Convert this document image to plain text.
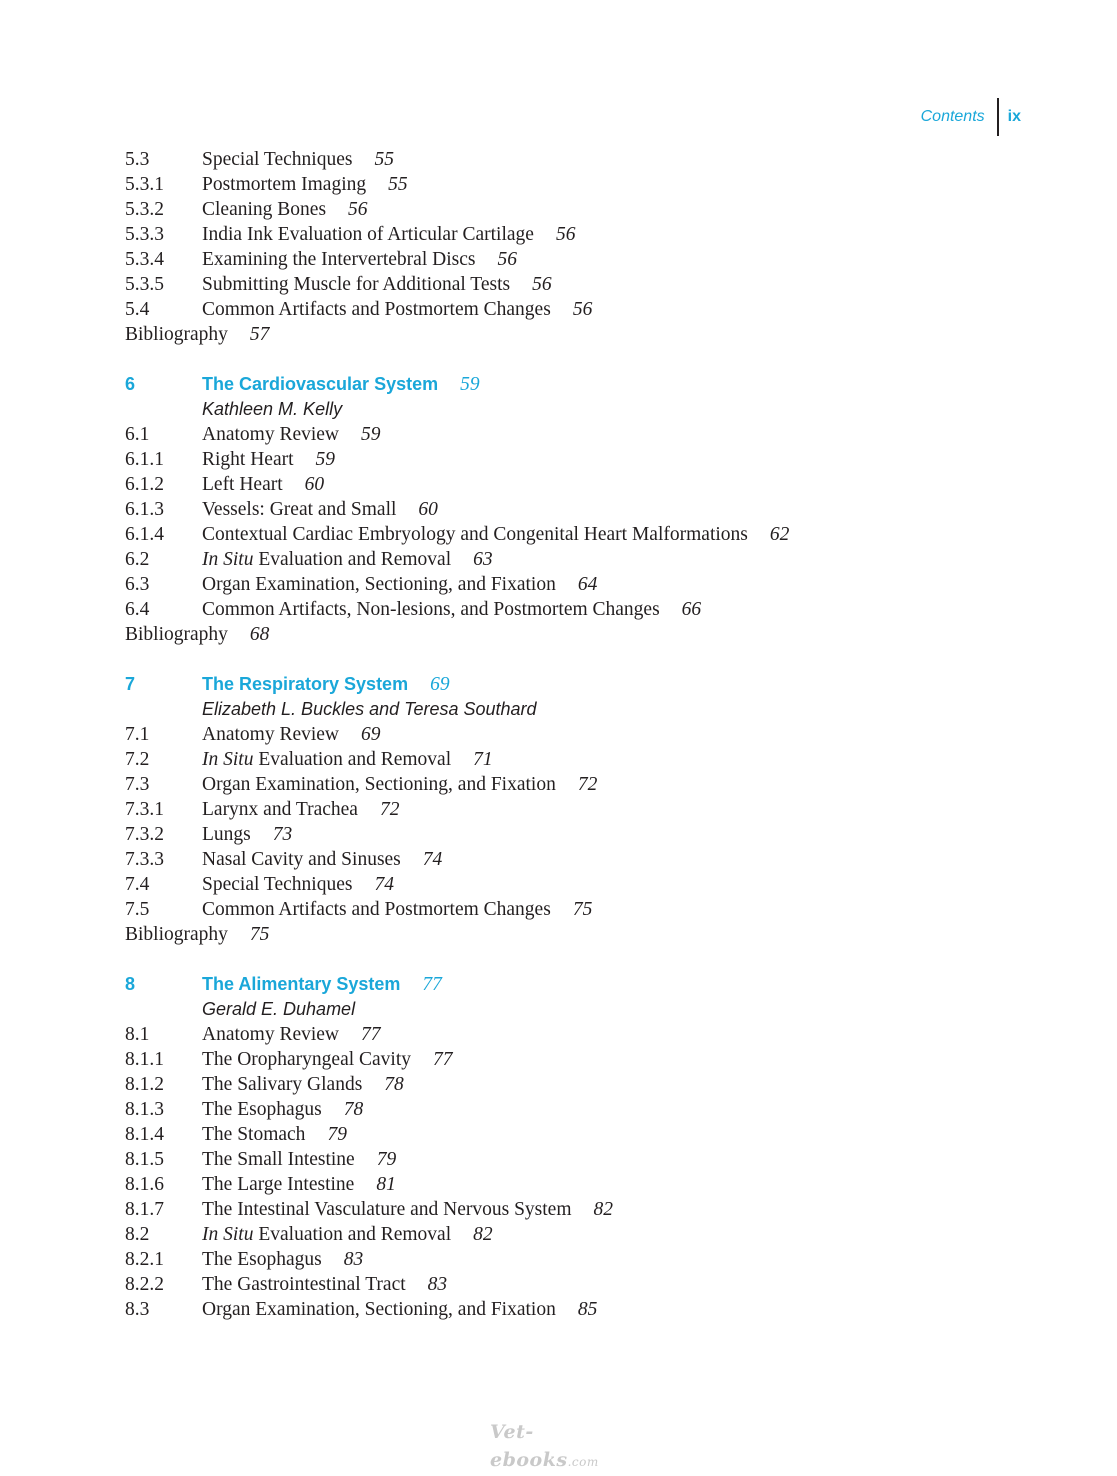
Contents ix
5.3	Special Techniques 55
5.3.1 Postmortem Imaging 55
5.3.2 Cleaning Bones 56
5.3.3 India Ink Evaluation of Articular Cartilage 56
5.3.4 Examining the Intervertebral Discs 56
5.3.5 Submitting Muscle for Additional Tests 56
5.4	Common Artifacts and Postmortem Changes 56
Bibliography 57
6	The Cardiovascular System 59
Kathleen M. Kelly
6.1	Anatomy Review 59
6.1.1 Right Heart 59
6.1.2 Left Heart 60
6.1.3 Vessels: Great and Small 60
6.1.4 Contextual Cardiac Embryology and Congenital Heart Malformations 62
6.2	In Situ Evaluation and Removal 63
6.3	Organ Examination, Sectioning, and Fixation 64
6.4	Common Artifacts, Non-lesions, and Postmortem Changes 66
Bibliography 68
7	The Respiratory System 69
Elizabeth L. Buckles and Teresa Southard
7.1	Anatomy Review 69
7.2	In Situ Evaluation and Removal 71
7.3	Organ Examination, Sectioning, and Fixation 72
7.3.1 Larynx and Trachea 72
7.3.2 Lungs 73
7.3.3 Nasal Cavity and Sinuses 74
7.4	Special Techniques 74
7.5	Common Artifacts and Postmortem Changes 75
Bibliography 75
8	The Alimentary System 77
Gerald E. Duhamel
8.1	Anatomy Review 77
8.1.1 The Oropharyngeal Cavity 77
8.1.2 The Salivary Glands 78
8.1.3 The Esophagus 78
8.1.4 The Stomach 79
8.1.5 The Small Intestine 79
8.1.6 The Large Intestine 81
8.1.7 The Intestinal Vasculature and Nervous System 82
8.2	In Situ Evaluation and Removal 82
8.2.1 The Esophagus 83
8.2.2 The Gastrointestinal Tract 83
8.3	Organ Examination, Sectioning, and Fixation 85
Vet-ebooks.com
